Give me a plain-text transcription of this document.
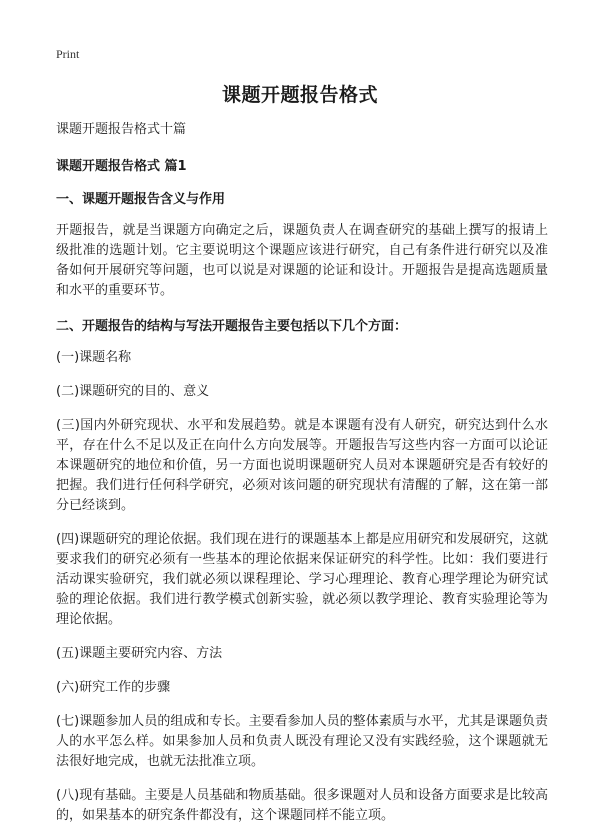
Print
课题开题报告格式

课题开题报告格式十篇

课题开题报告格式 篇1

一、课题开题报告含义与作用

开题报告，就是当课题方向确定之后，课题负责人在调查研究的基础上撰写的报请上级批准的选题计划。它主要说明这个课题应该进行研究，自己有条件进行研究以及准备如何开展研究等问题，也可以说是对课题的论证和设计。开题报告是提高选题质量和水平的重要环节。

二、开题报告的结构与写法开题报告主要包括以下几个方面：

(一)课题名称

(二)课题研究的目的、意义

(三)国内外研究现状、水平和发展趋势。就是本课题有没有人研究，研究达到什么水平，存在什么不足以及正在向什么方向发展等。开题报告写这些内容一方面可以论证本课题研究的地位和价值，另一方面也说明课题研究人员对本课题研究是否有较好的把握。我们进行任何科学研究，必须对该问题的研究现状有清醒的了解，这在第一部分已经谈到。

(四)课题研究的理论依据。我们现在进行的课题基本上都是应用研究和发展研究，这就要求我们的研究必须有一些基本的理论依据来保证研究的科学性。比如：我们要进行活动课实验研究，我们就必须以课程理论、学习心理理论、教育心理学理论为研究试验的理论依据。我们进行教学模式创新实验，就必须以教学理论、教育实验理论等为理论依据。

(五)课题主要研究内容、方法

(六)研究工作的步骤

(七)课题参加人员的组成和专长。主要看参加人员的整体素质与水平，尤其是课题负责人的水平怎么样。如果参加人员和负责人既没有理论又没有实践经验，这个课题就无法很好地完成，也就无法批准立项。

(八)现有基础。主要是人员基础和物质基础。很多课题对人员和设备方面要求是比较高的，如果基本的研究条件都没有，这个课题同样不能立项。
